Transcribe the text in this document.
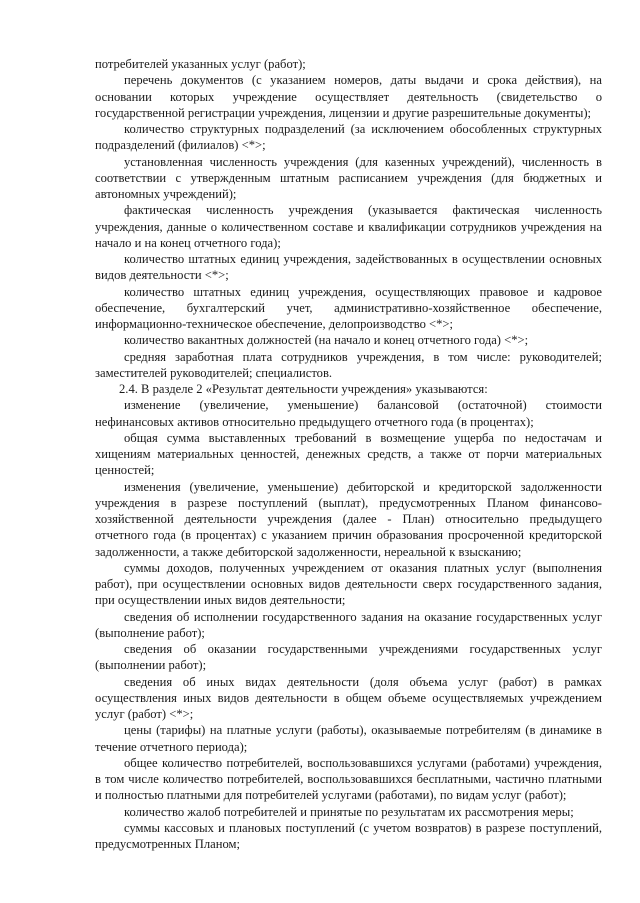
потребителей указанных услуг (работ);

перечень документов (с указанием номеров, даты выдачи и срока действия), на основании которых учреждение осуществляет деятельность (свидетельство о государственной регистрации учреждения, лицензии и другие разрешительные документы);

количество структурных подразделений (за исключением обособленных структурных подразделений (филиалов) <*>;

установленная численность учреждения (для казенных учреждений), численность в соответствии с утвержденным штатным расписанием учреждения (для бюджетных и автономных учреждений);

фактическая численность учреждения (указывается фактическая численность учреждения, данные о количественном составе и квалификации сотрудников учреждения на начало и на конец отчетного года);

количество штатных единиц учреждения, задействованных в осуществлении основных видов деятельности <*>;

количество штатных единиц учреждения, осуществляющих правовое и кадровое обеспечение, бухгалтерский учет, административно-хозяйственное обеспечение, информационно-техническое обеспечение, делопроизводство <*>;

количество вакантных должностей (на начало и конец отчетного года) <*>;

средняя заработная плата сотрудников учреждения, в том числе: руководителей; заместителей руководителей; специалистов.

2.4. В разделе 2 «Результат деятельности учреждения» указываются:

изменение (увеличение, уменьшение) балансовой (остаточной) стоимости нефинансовых активов относительно предыдущего отчетного года (в процентах);

общая сумма выставленных требований в возмещение ущерба по недостачам и хищениям материальных ценностей, денежных средств, а также от порчи материальных ценностей;

изменения (увеличение, уменьшение) дебиторской и кредиторской задолженности учреждения в разрезе поступлений (выплат), предусмотренных Планом финансово-хозяйственной деятельности учреждения (далее - План) относительно предыдущего отчетного года (в процентах) с указанием причин образования просроченной кредиторской задолженности, а также дебиторской задолженности, нереальной к взысканию;

суммы доходов, полученных учреждением от оказания платных услуг (выполнения работ), при осуществлении основных видов деятельности сверх государственного задания, при осуществлении иных видов деятельности;

сведения об исполнении государственного задания на оказание государственных услуг (выполнение работ);

сведения об оказании государственными учреждениями государственных услуг (выполнении работ);

сведения об иных видах деятельности (доля объема услуг (работ) в рамках осуществления иных видов деятельности в общем объеме осуществляемых учреждением услуг (работ) <*>;

цены (тарифы) на платные услуги (работы), оказываемые потребителям (в динамике в течение отчетного периода);

общее количество потребителей, воспользовавшихся услугами (работами) учреждения, в том числе количество потребителей, воспользовавшихся бесплатными, частично платными и полностью платными для потребителей услугами (работами), по видам услуг (работ);

количество жалоб потребителей и принятые по результатам их рассмотрения меры;

суммы кассовых и плановых поступлений (с учетом возвратов) в разрезе поступлений, предусмотренных Планом;
